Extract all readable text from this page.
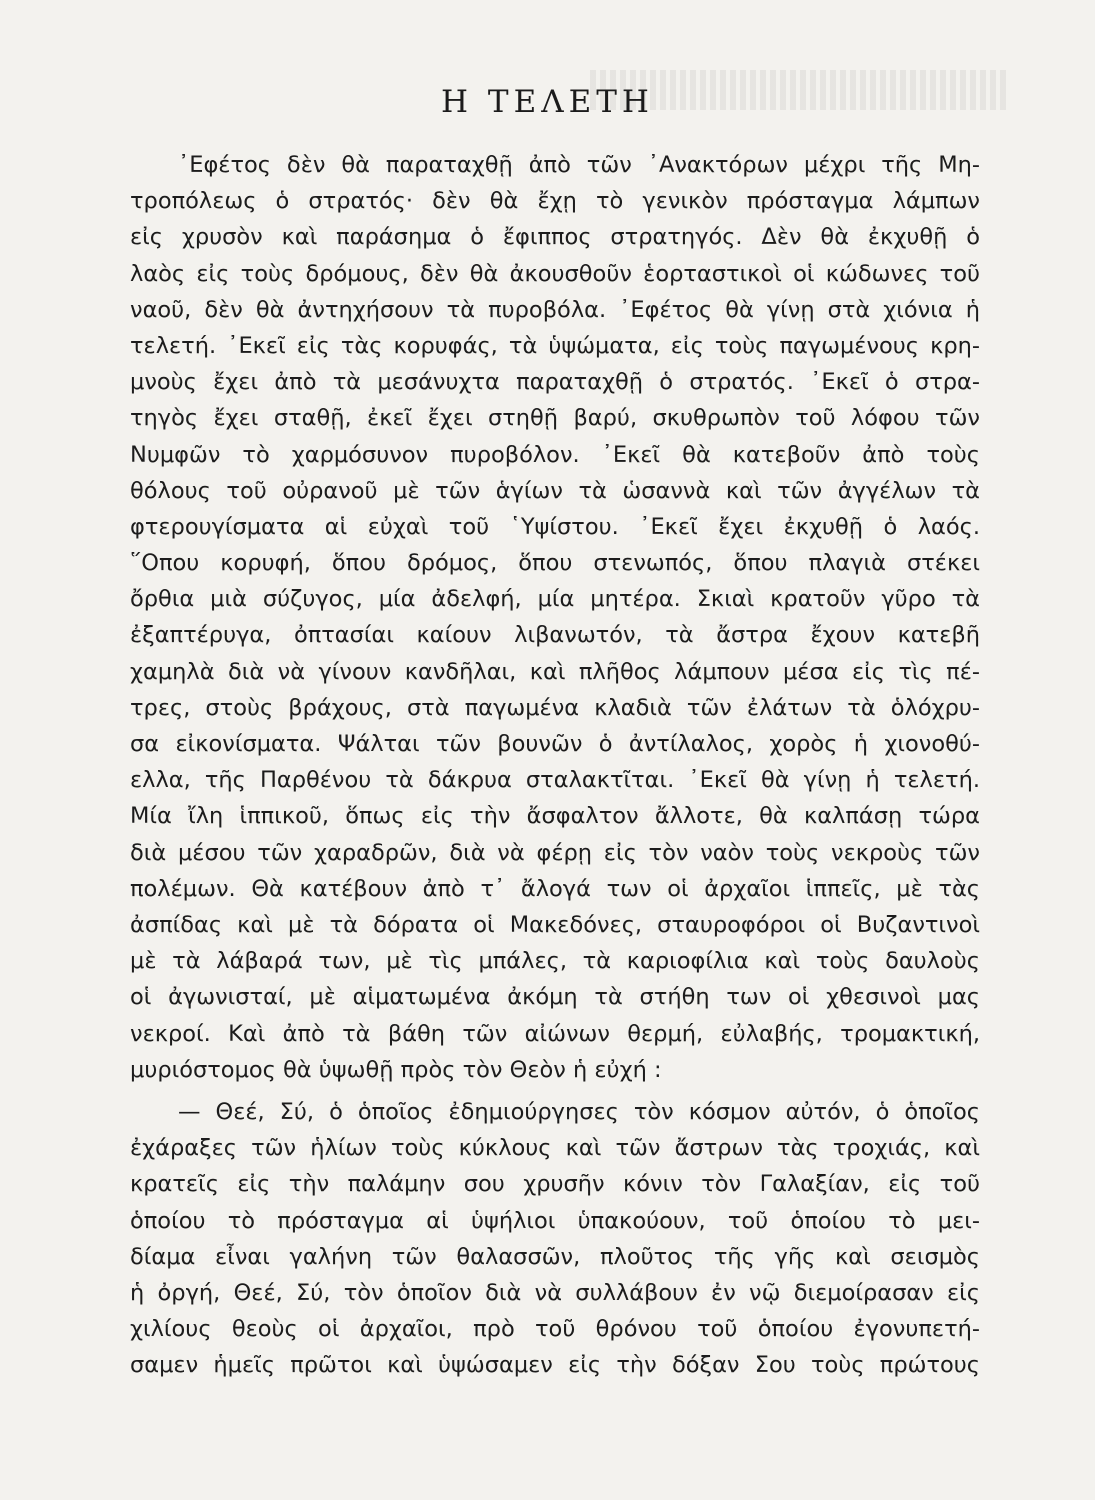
Η ΤΕΛΕΤΗ
᾿Εφέτος δὲν θὰ παραταχθῇ ἀπὸ τῶν ᾿Ανακτόρων μέχρι τῆς Μη-
τροπόλεως ὁ στρατός· δὲν θὰ ἔχῃ τὸ γενικὸν πρόσταγμα λάμπων
εἰς χρυσὸν καὶ παράσημα ὁ ἔφιππος στρατηγός. Δὲν θὰ ἐκχυθῇ ὁ
λαὸς εἰς τοὺς δρόμους, δὲν θὰ ἀκουσθοῦν ἑορταστικοὶ οἱ κώδωνες τοῦ
ναοῦ, δὲν θὰ ἀντηχήσουν τὰ πυροβόλα. ᾿Εφέτος θὰ γίνῃ στὰ χιόνια ἡ
τελετή. ᾿Εκεῖ εἰς τὰς κορυφάς, τὰ ὑψώματα, εἰς τοὺς παγωμένους κρη-
μνοὺς ἔχει ἀπὸ τὰ μεσάνυχτα παραταχθῇ ὁ στρατός. ᾿Εκεῖ ὁ στρα-
τηγὸς ἔχει σταθῇ, ἐκεῖ ἔχει στηθῇ βαρύ, σκυθρωπὸν τοῦ λόφου τῶν
Νυμφῶν τὸ χαρμόσυνον πυροβόλον. ᾿Εκεῖ θὰ κατεβοῦν ἀπὸ τοὺς
θόλους τοῦ οὐρανοῦ μὲ τῶν ἁγίων τὰ ὡσαννὰ καὶ τῶν ἀγγέλων τὰ
φτερουγίσματα αἱ εὐχαὶ τοῦ ῾Υψίστου. ᾿Εκεῖ ἔχει ἐκχυθῇ ὁ λαός.
῞Οπου κορυφή, ὅπου δρόμος, ὅπου στενωπός, ὅπου πλαγιὰ στέκει
ὄρθια μιὰ σύζυγος, μία ἀδελφή, μία μητέρα. Σκιαὶ κρατοῦν γῦρο τὰ
ἐξαπτέρυγα, ὀπτασίαι καίουν λιβανωτόν, τὰ ἄστρα ἔχουν κατεβῆ
χαμηλὰ διὰ νὰ γίνουν κανδῆλαι, καὶ πλῆθος λάμπουν μέσα εἰς τὶς πέ-
τρες, στοὺς βράχους, στὰ παγωμένα κλαδιὰ τῶν ἐλάτων τὰ ὁλόχρυ-
σα εἰκονίσματα. Ψάλται τῶν βουνῶν ὁ ἀντίλαλος, χορὸς ἡ χιονοθύ-
ελλα, τῆς Παρθένου τὰ δάκρυα σταλακτῖται. ᾿Εκεῖ θὰ γίνῃ ἡ τελετή.
Μία ἴλη ἱππικοῦ, ὅπως εἰς τὴν ἄσφαλτον ἄλλοτε, θὰ καλπάσῃ τώρα
διὰ μέσου τῶν χαραδρῶν, διὰ νὰ φέρῃ εἰς τὸν ναὸν τοὺς νεκροὺς τῶν
πολέμων. Θὰ κατέβουν ἀπὸ τ᾿ ἄλογά των οἱ ἀρχαῖοι ἱππεῖς, μὲ τὰς
ἀσπίδας καὶ μὲ τὰ δόρατα οἱ Μακεδόνες, σταυροφόροι οἱ Βυζαντινοὶ
μὲ τὰ λάβαρά των, μὲ τὶς μπάλες, τὰ καριοφίλια καὶ τοὺς δαυλοὺς
οἱ ἀγωνισταί, μὲ αἱματωμένα ἀκόμη τὰ στήθη των οἱ χθεσινοὶ μας
νεκροί. Καὶ ἀπὸ τὰ βάθη τῶν αἰώνων θερμή, εὐλαβής, τρομακτική,
μυριόστομος θὰ ὑψωθῇ πρὸς τὸν Θεὸν ἡ εὐχή :
— Θεέ, Σύ, ὁ ὁποῖος ἐδημιούργησες τὸν κόσμον αὐτόν, ὁ ὁποῖος
ἐχάραξες τῶν ἡλίων τοὺς κύκλους καὶ τῶν ἄστρων τὰς τροχιάς, καὶ
κρατεῖς εἰς τὴν παλάμην σου χρυσῆν κόνιν τὸν Γαλαξίαν, εἰς τοῦ
ὁποίου τὸ πρόσταγμα αἱ ὑψήλιοι ὑπακούουν, τοῦ ὁποίου τὸ μει-
δίαμα εἶναι γαλήνη τῶν θαλασσῶν, πλοῦτος τῆς γῆς καὶ σεισμὸς
ἡ ὀργή, Θεέ, Σύ, τὸν ὁποῖον διὰ νὰ συλλάβουν ἐν νῷ διεμοίρασαν εἰς
χιλίους θεοὺς οἱ ἀρχαῖοι, πρὸ τοῦ θρόνου τοῦ ὁποίου ἐγονυπετή-
σαμεν ἡμεῖς πρῶτοι καὶ ὑψώσαμεν εἰς τὴν δόξαν Σου τοὺς πρώτους
